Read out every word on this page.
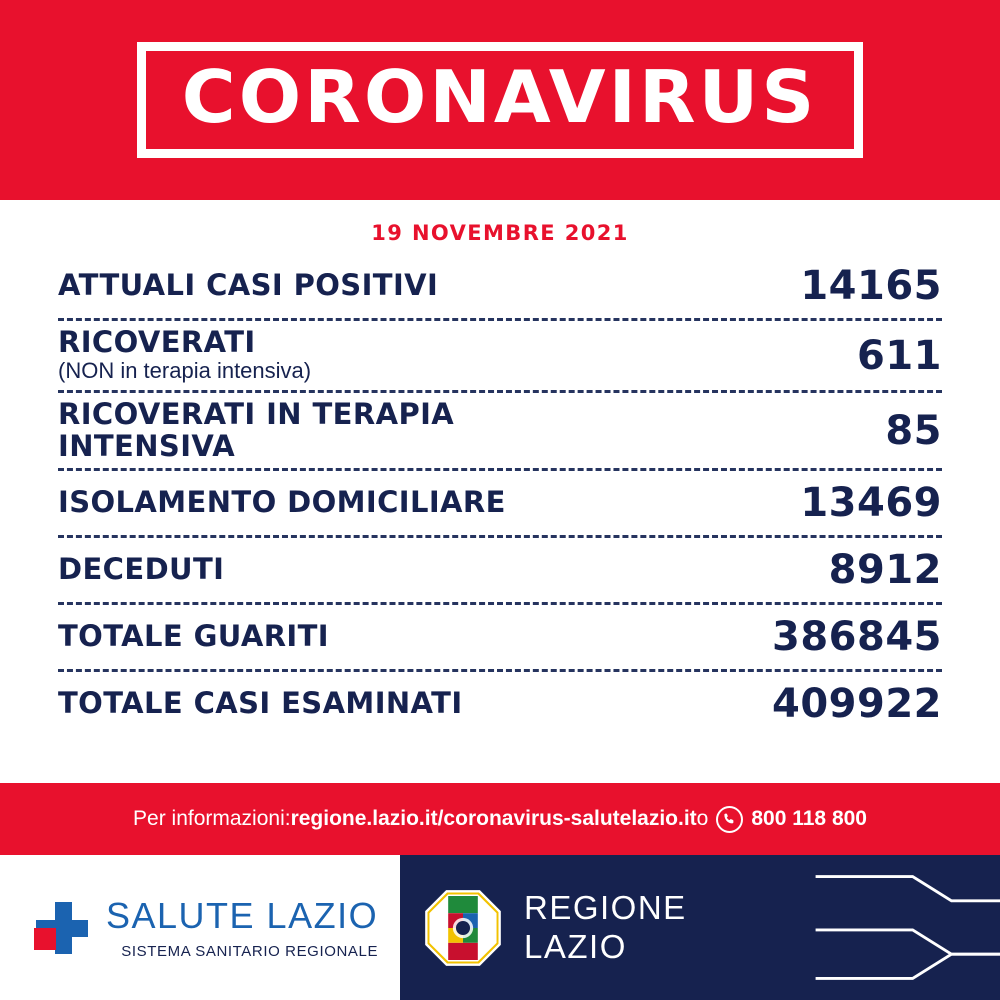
CORONAVIRUS
19 NOVEMBRE 2021
ATTUALI CASI POSITIVI	14165
RICOVERATI
(NON in terapia intensiva)	611
RICOVERATI IN TERAPIA INTENSIVA	85
ISOLAMENTO DOMICILIARE	13469
DECEDUTI	8912
TOTALE GUARITI	386845
TOTALE CASI ESAMINATI	409922
Per informazioni: regione.lazio.it/coronavirus - salutelazio.it o 800 118 800
SALUTE LAZIO
SISTEMA SANITARIO REGIONALE
REGIONE
LAZIO
